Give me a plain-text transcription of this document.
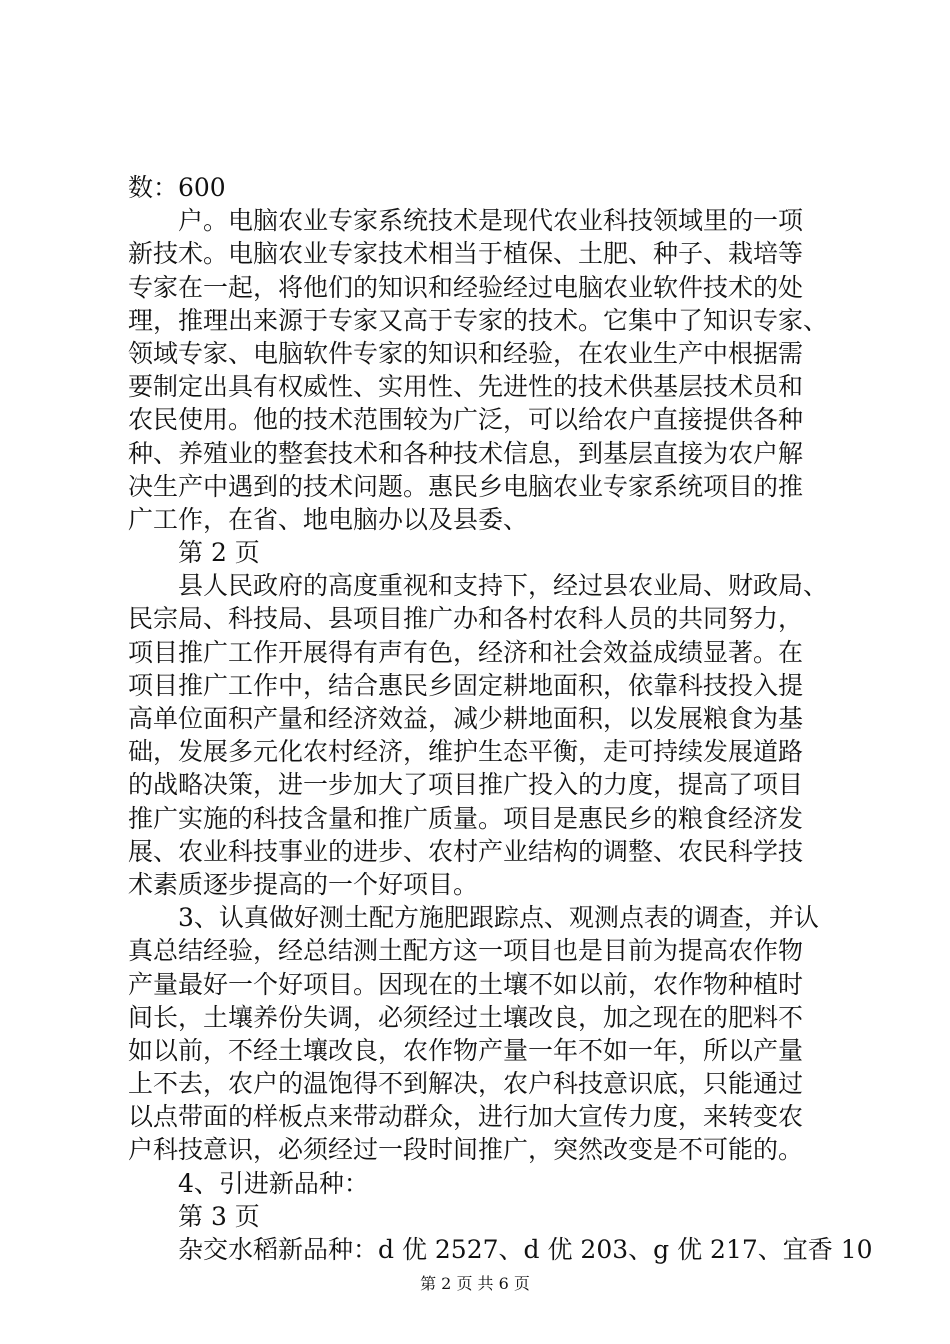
数：600
户。电脑农业专家系统技术是现代农业科技领域里的一项
新技术。电脑农业专家技术相当于植保、土肥、种子、栽培等
专家在一起，将他们的知识和经验经过电脑农业软件技术的处
理，推理出来源于专家又高于专家的技术。它集中了知识专家、
领域专家、电脑软件专家的知识和经验，在农业生产中根据需
要制定出具有权威性、实用性、先进性的技术供基层技术员和
农民使用。他的技术范围较为广泛，可以给农户直接提供各种
种、养殖业的整套技术和各种技术信息，到基层直接为农户解
决生产中遇到的技术问题。惠民乡电脑农业专家系统项目的推
广工作，在省、地电脑办以及县委、
第 2 页
县人民政府的高度重视和支持下，经过县农业局、财政局、
民宗局、科技局、县项目推广办和各村农科人员的共同努力，
项目推广工作开展得有声有色，经济和社会效益成绩显著。在
项目推广工作中，结合惠民乡固定耕地面积，依靠科技投入提
高单位面积产量和经济效益，减少耕地面积，以发展粮食为基
础，发展多元化农村经济，维护生态平衡，走可持续发展道路
的战略决策，进一步加大了项目推广投入的力度，提高了项目
推广实施的科技含量和推广质量。项目是惠民乡的粮食经济发
展、农业科技事业的进步、农村产业结构的调整、农民科学技
术素质逐步提高的一个好项目。
3、认真做好测土配方施肥跟踪点、观测点表的调查，并认
真总结经验，经总结测土配方这一项目也是目前为提高农作物
产量最好一个好项目。因现在的土壤不如以前，农作物种植时
间长，土壤养份失调，必须经过土壤改良，加之现在的肥料不
如以前，不经土壤改良，农作物产量一年不如一年，所以产量
上不去，农户的温饱得不到解决，农户科技意识底，只能通过
以点带面的样板点来带动群众，进行加大宣传力度，来转变农
户科技意识，必须经过一段时间推广，突然改变是不可能的。
4、引进新品种：
第 3 页
杂交水稻新品种：d 优 2527、d 优 203、g 优 217、宜香 10
第 2 页 共 6 页
